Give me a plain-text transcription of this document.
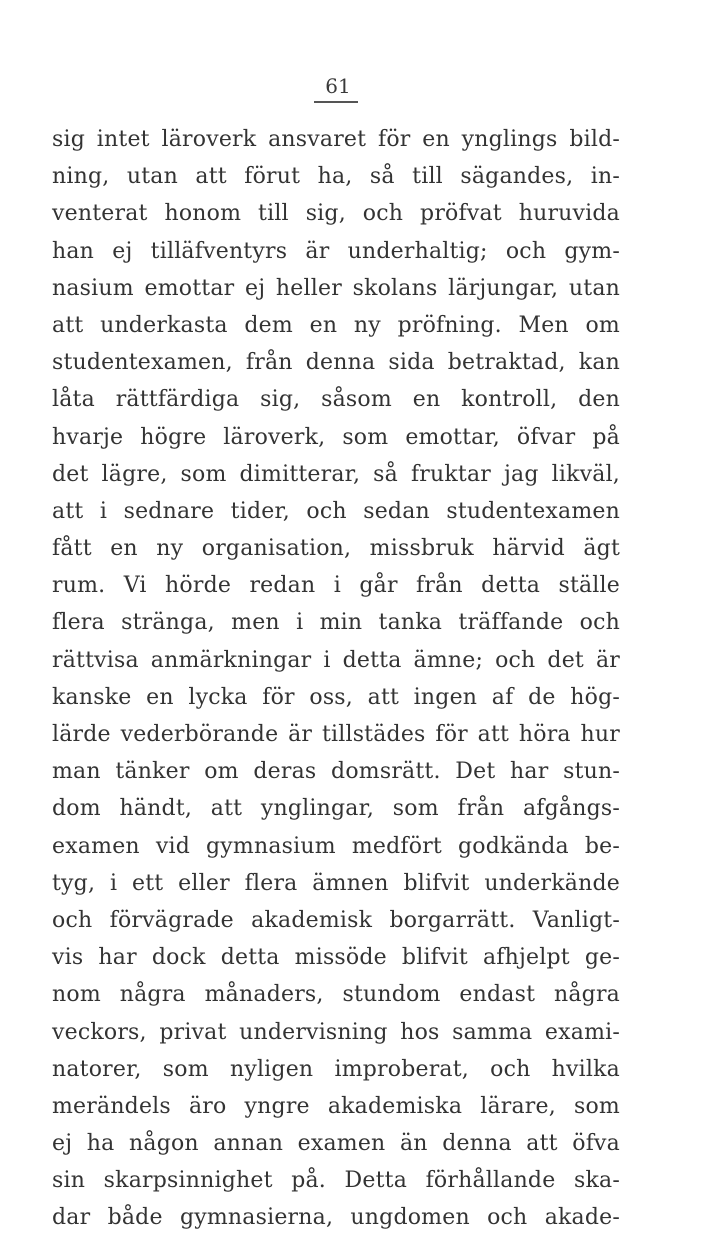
61
sig intet läroverk ansvaret för en ynglings bild-
ning, utan att förut ha, så till sägandes, in-
venterat honom till sig, och pröfvat huruvida
han ej tilläfventyrs är underhaltig; och gym-
nasium emottar ej heller skolans lärjungar, utan
att underkasta dem en ny pröfning. Men om
studentexamen, från denna sida betraktad, kan
låta rättfärdiga sig, såsom en kontroll, den
hvarje högre läroverk, som emottar, öfvar på
det lägre, som dimitterar, så fruktar jag likväl,
att i sednare tider, och sedan studentexamen
fått en ny organisation, missbruk härvid ägt
rum. Vi hörde redan i går från detta ställe
flera stränga, men i min tanka träffande och
rättvisa anmärkningar i detta ämne; och det är
kanske en lycka för oss, att ingen af de hög-
lärde vederbörande är tillstädes för att höra hur
man tänker om deras domsrätt. Det har stun-
dom händt, att ynglingar, som från afgångs-
examen vid gymnasium medfört godkända be-
tyg, i ett eller flera ämnen blifvit underkände
och förvägrade akademisk borgarrätt. Vanligt-
vis har dock detta missöde blifvit afhjelpt ge-
nom några månaders, stundom endast några
veckors, privat undervisning hos samma exami-
natorer, som nyligen improberat, och hvilka
merändels äro yngre akademiska lärare, som
ej ha någon annan examen än denna att öfva
sin skarpsinnighet på. Detta förhållande ska-
dar både gymnasierna, ungdomen och akade-
